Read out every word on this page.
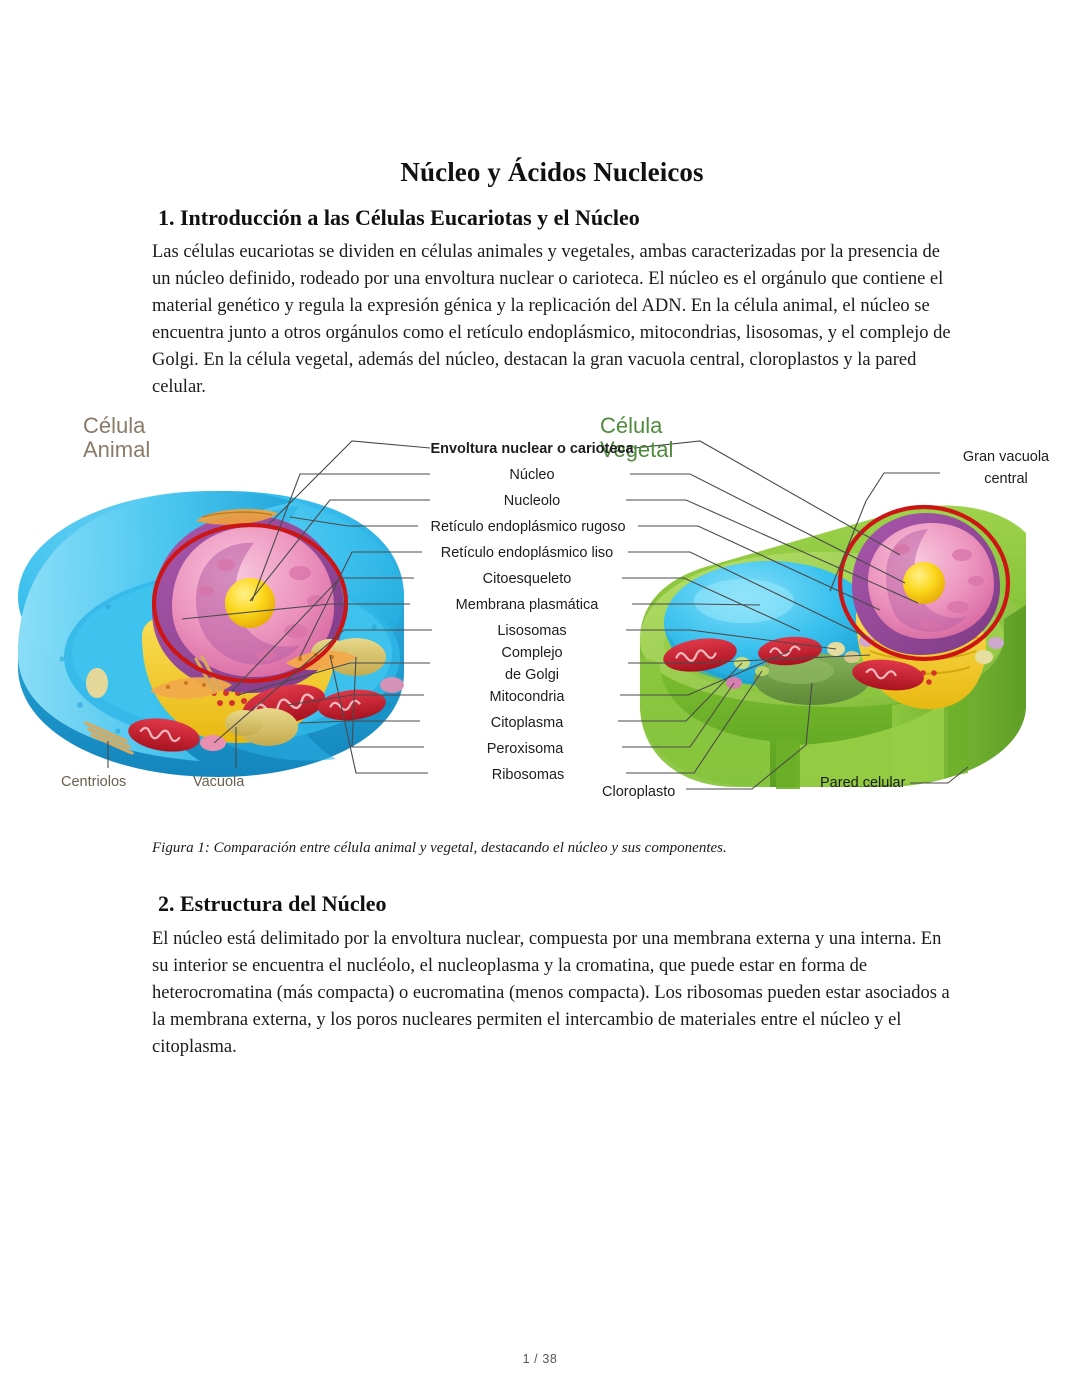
Núcleo y Ácidos Nucleicos
1. Introducción a las Células Eucariotas y el Núcleo

Las células eucariotas se dividen en células animales y vegetales, ambas caracterizadas por la presencia de un núcleo definido, rodeado por una envoltura nuclear o carioteca. El núcleo es el orgánulo que contiene el material genético y regula la expresión génica y la replicación del ADN. En la célula animal, el núcleo se encuentra junto a otros orgánulos como el retículo endoplásmico, mitocondrias, lisosomas, y el complejo de Golgi. En la célula vegetal, además del núcleo, destacan la gran vacuola central, cloroplastos y la pared celular.

Célula
Animal
Célula
Vegetal
Envoltura nuclear o carioteca
Núcleo
Nucleolo
Retículo endoplásmico rugoso
Retículo endoplásmico liso
Citoesqueleto
Membrana plasmática
Lisosomas
Complejo
de Golgi
Mitocondria
Citoplasma
Peroxisoma
Ribosomas
Gran vacuola
central
Centriolos	Vacuola
Cloroplasto
Pared celular

Figura 1: Comparación entre célula animal y vegetal, destacando el núcleo y sus componentes.

2. Estructura del Núcleo

El núcleo está delimitado por la envoltura nuclear, compuesta por una membrana externa y una interna. En su interior se encuentra el nucléolo, el nucleoplasma y la cromatina, que puede estar en forma de heterocromatina (más compacta) o eucromatina (menos compacta). Los ribosomas pueden estar asociados a la membrana externa, y los poros nucleares permiten el intercambio de materiales entre el núcleo y el citoplasma.

1 / 38
